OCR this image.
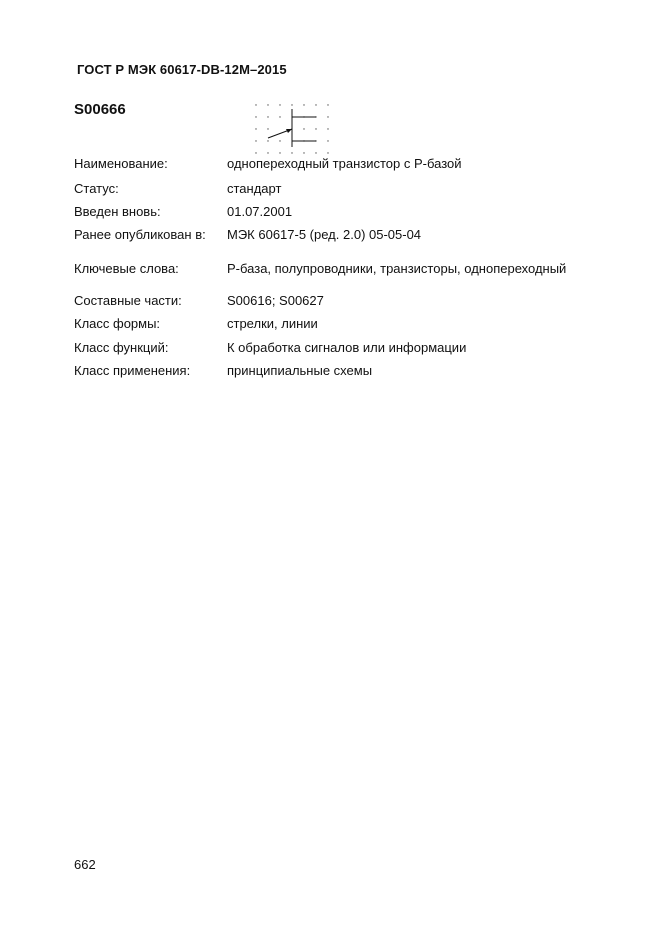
ГОСТ Р МЭК 60617-DB-12M–2015
S00666
Наименование:	однопереходный транзистор с Р-базой
Статус:	стандарт
Введен вновь:	01.07.2001
Ранее опубликован в: МЭК 60617-5 (ред. 2.0) 05-05-04
Ключевые слова:	Р-база, полупроводники, транзисторы, однопереходный
Составные части:	S00616; S00627
Класс формы:	стрелки, линии
Класс функций:	К обработка сигналов или информации
Класс применения:	принципиальные схемы
662
